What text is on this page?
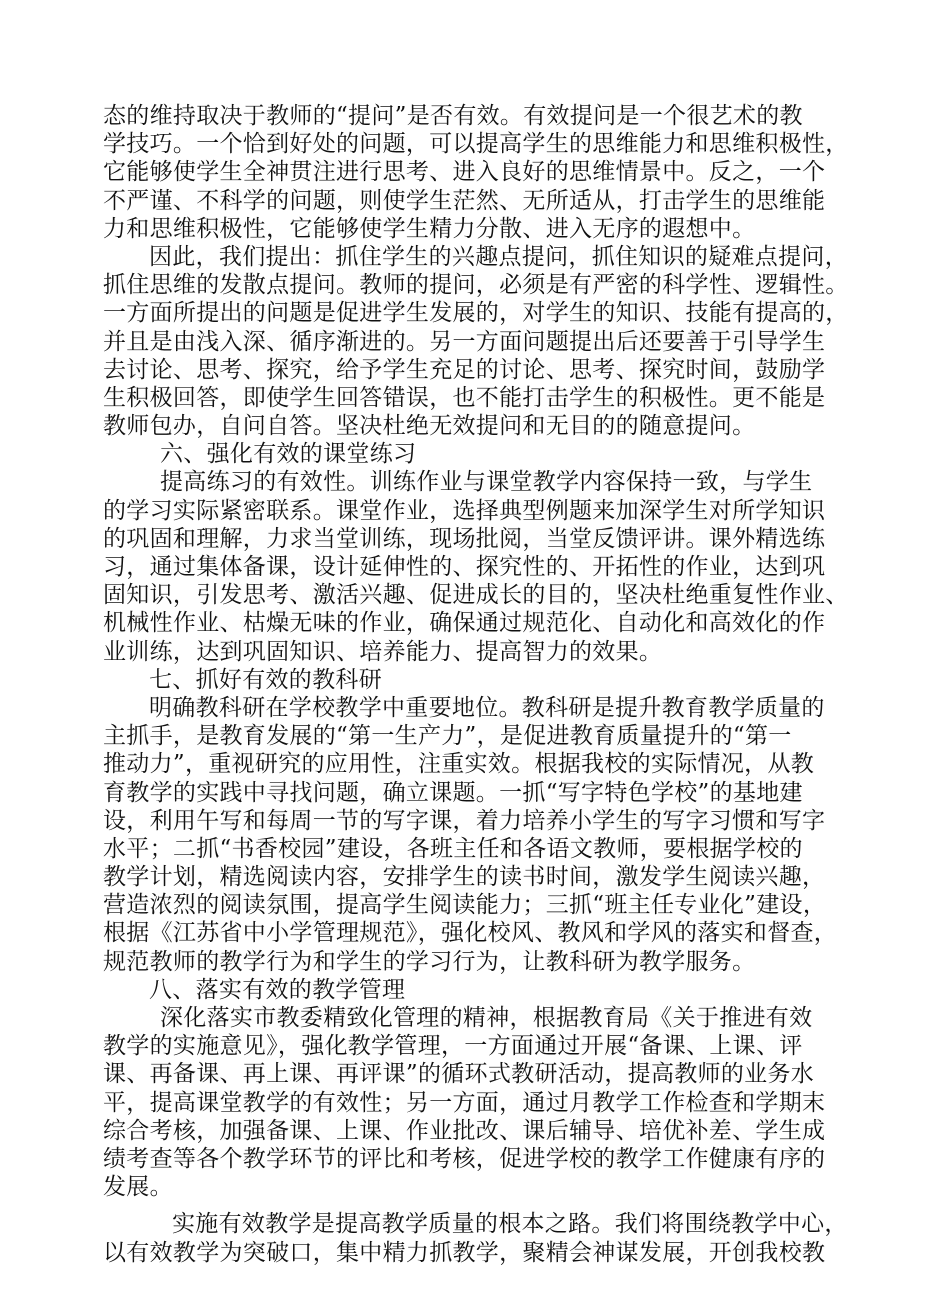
态的维持取决于教师的“提问”是否有效。有效提问是一个很艺术的教
学技巧。一个恰到好处的问题，可以提高学生的思维能力和思维积极性，
它能够使学生全神贯注进行思考、进入良好的思维情景中。反之，一个
不严谨、不科学的问题，则使学生茫然、无所适从，打击学生的思维能
力和思维积极性，它能够使学生精力分散、进入无序的遐想中。
因此，我们提出：抓住学生的兴趣点提问，抓住知识的疑难点提问，
抓住思维的发散点提问。教师的提问，必须是有严密的科学性、逻辑性。
一方面所提出的问题是促进学生发展的，对学生的知识、技能有提高的，
并且是由浅入深、循序渐进的。另一方面问题提出后还要善于引导学生
去讨论、思考、探究，给予学生充足的讨论、思考、探究时间，鼓励学
生积极回答，即使学生回答错误，也不能打击学生的积极性。更不能是
教师包办，自问自答。坚决杜绝无效提问和无目的的随意提问。
六、强化有效的课堂练习
提高练习的有效性。训练作业与课堂教学内容保持一致，与学生
的学习实际紧密联系。课堂作业，选择典型例题来加深学生对所学知识
的巩固和理解，力求当堂训练，现场批阅，当堂反馈评讲。课外精选练
习，通过集体备课，设计延伸性的、探究性的、开拓性的作业，达到巩
固知识，引发思考、激活兴趣、促进成长的目的，坚决杜绝重复性作业、
机械性作业、枯燥无味的作业，确保通过规范化、自动化和高效化的作
业训练，达到巩固知识、培养能力、提高智力的效果。
七、抓好有效的教科研
明确教科研在学校教学中重要地位。教科研是提升教育教学质量的
主抓手，是教育发展的“第一生产力”，是促进教育质量提升的“第一
推动力”，重视研究的应用性，注重实效。根据我校的实际情况，从教
育教学的实践中寻找问题，确立课题。一抓“写字特色学校”的基地建
设，利用午写和每周一节的写字课，着力培养小学生的写字习惯和写字
水平；二抓“书香校园”建设，各班主任和各语文教师，要根据学校的
教学计划，精选阅读内容，安排学生的读书时间，激发学生阅读兴趣，
营造浓烈的阅读氛围，提高学生阅读能力；三抓“班主任专业化”建设，
根据《江苏省中小学管理规范》，强化校风、教风和学风的落实和督查，
规范教师的教学行为和学生的学习行为，让教科研为教学服务。
八、落实有效的教学管理
深化落实市教委精致化管理的精神，根据教育局《关于推进有效
教学的实施意见》，强化教学管理，一方面通过开展“备课、上课、评
课、再备课、再上课、再评课”的循环式教研活动，提高教师的业务水
平，提高课堂教学的有效性；另一方面，通过月教学工作检查和学期末
综合考核，加强备课、上课、作业批改、课后辅导、培优补差、学生成
绩考查等各个教学环节的评比和考核，促进学校的教学工作健康有序的
发展。
实施有效教学是提高教学质量的根本之路。我们将围绕教学中心，
以有效教学为突破口，集中精力抓教学，聚精会神谋发展，开创我校教
